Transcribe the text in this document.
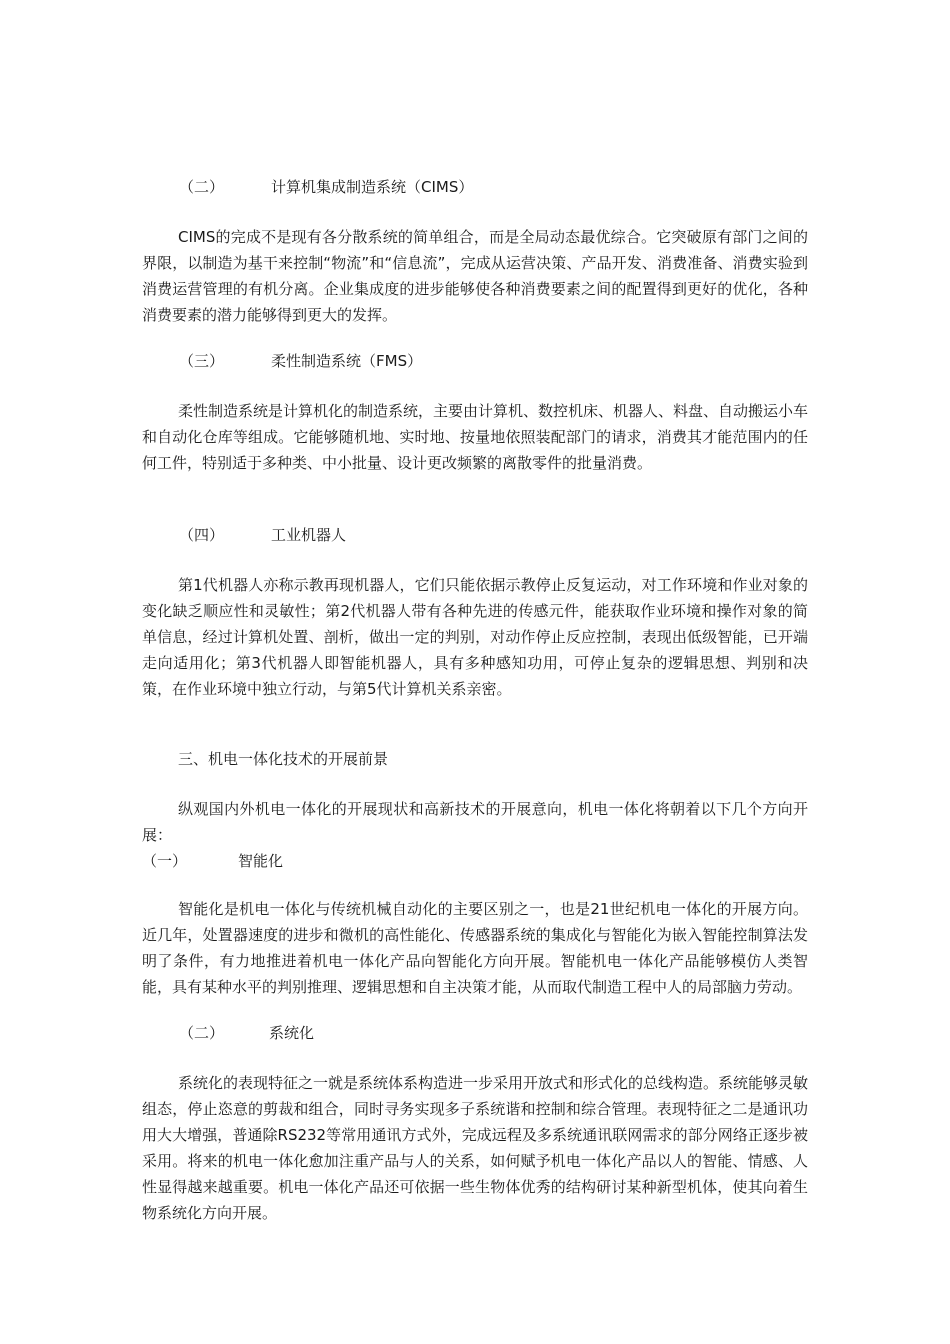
（二）	计算机集成制造系统（CIMS）

CIMS的完成不是现有各分散系统的简单组合，而是全局动态最优综合。它突破原有部门之间的界限，以制造为基干来控制“物流”和“信息流”，完成从运营决策、产品开发、消费准备、消费实验到消费运营管理的有机分离。企业集成度的进步能够使各种消费要素之间的配置得到更好的优化，各种消费要素的潜力能够得到更大的发挥。

（三）	柔性制造系统（FMS）

柔性制造系统是计算机化的制造系统，主要由计算机、数控机床、机器人、料盘、自动搬运小车和自动化仓库等组成。它能够随机地、实时地、按量地依照装配部门的请求，消费其才能范围内的任何工件，特别适于多种类、中小批量、设计更改频繁的离散零件的批量消费。

（四）	工业机器人

第1代机器人亦称示教再现机器人，它们只能依据示教停止反复运动，对工作环境和作业对象的变化缺乏顺应性和灵敏性；第2代机器人带有各种先进的传感元件，能获取作业环境和操作对象的简单信息，经过计算机处置、剖析，做出一定的判别，对动作停止反应控制，表现出低级智能，已开端走向适用化；第3代机器人即智能机器人，具有多种感知功用，可停止复杂的逻辑思想、判别和决策，在作业环境中独立行动，与第5代计算机关系亲密。

三、机电一体化技术的开展前景

纵观国内外机电一体化的开展现状和高新技术的开展意向，机电一体化将朝着以下几个方向开展：

（一）	智能化

智能化是机电一体化与传统机械自动化的主要区别之一，也是21世纪机电一体化的开展方向。近几年，处置器速度的进步和微机的高性能化、传感器系统的集成化与智能化为嵌入智能控制算法发明了条件，有力地推进着机电一体化产品向智能化方向开展。智能机电一体化产品能够模仿人类智能，具有某种水平的判别推理、逻辑思想和自主决策才能，从而取代制造工程中人的局部脑力劳动。

（二）	系统化

系统化的表现特征之一就是系统体系构造进一步采用开放式和形式化的总线构造。系统能够灵敏组态，停止恣意的剪裁和组合，同时寻务实现多子系统谐和控制和综合管理。表现特征之二是通讯功用大大增强，普通除RS232等常用通讯方式外，完成远程及多系统通讯联网需求的部分网络正逐步被采用。将来的机电一体化愈加注重产品与人的关系，如何赋予机电一体化产品以人的智能、情感、人性显得越来越重要。机电一体化产品还可依据一些生物体优秀的结构研讨某种新型机体，使其向着生物系统化方向开展。
